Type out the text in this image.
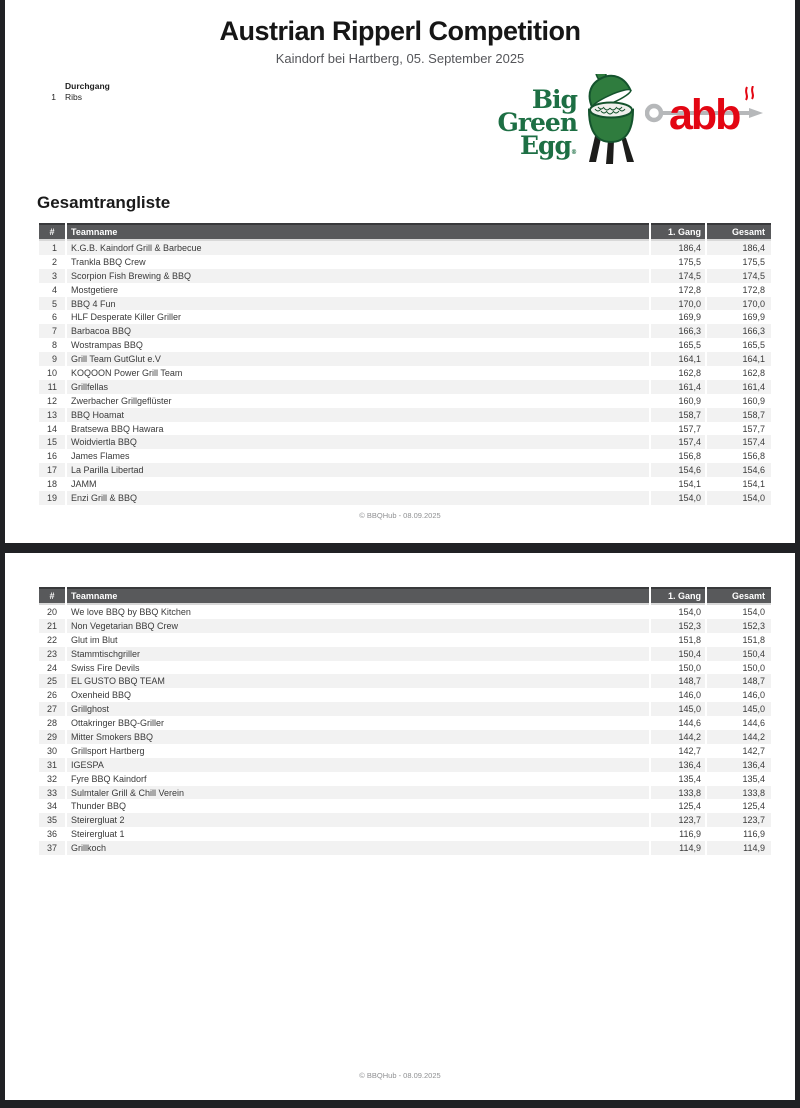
Austrian Ripperl Competition
Kaindorf bei Hartberg, 05. September 2025
Durchgang
1 Ribs	Big
Green
Egg®
abb
Gesamtrangliste
#	Teamname	1. Gang	Gesamt
1	K.G.B. Kaindorf Grill & Barbecue	186,4	186,4
2	Trankla BBQ Crew	175,5	175,5
3	Scorpion Fish Brewing & BBQ	174,5	174,5
4	Mostgetiere	172,8	172,8
5	BBQ 4 Fun	170,0	170,0
6	HLF Desperate Killer Griller	169,9	169,9
7	Barbacoa BBQ	166,3	166,3
8	Wostrampas BBQ	165,5	165,5
9	Grill Team GutGlut e.V	164,1	164,1
10	KOQOON Power Grill Team	162,8	162,8
11	Grillfellas	161,4	161,4
12	Zwerbacher Grillgeflüster	160,9	160,9
13	BBQ Hoamat	158,7	158,7
14	Bratsewa BBQ Hawara	157,7	157,7
15	Woidviertla BBQ	157,4	157,4
16	James Flames	156,8	156,8
17	La Parilla Libertad	154,6	154,6
18	JAMM	154,1	154,1
19	Enzi Grill & BBQ	154,0	154,0
© BBQHub - 08.09.2025
#	Teamname	1. Gang	Gesamt
20	We love BBQ by BBQ Kitchen	154,0	154,0
21	Non Vegetarian BBQ Crew	152,3	152,3
22	Glut im Blut	151,8	151,8
23	Stammtischgriller	150,4	150,4
24	Swiss Fire Devils	150,0	150,0
25	EL GUSTO BBQ TEAM	148,7	148,7
26	Oxenheid BBQ	146,0	146,0
27	Grillghost	145,0	145,0
28	Ottakringer BBQ-Griller	144,6	144,6
29	Mitter Smokers BBQ	144,2	144,2
30	Grillsport Hartberg	142,7	142,7
31	IGESPA	136,4	136,4
32	Fyre BBQ Kaindorf	135,4	135,4
33	Sulmtaler Grill & Chill Verein	133,8	133,8
34	Thunder BBQ	125,4	125,4
35	Steirergluat 2	123,7	123,7
36	Steirergluat 1	116,9	116,9
37	Grillkoch	114,9	114,9
© BBQHub - 08.09.2025
